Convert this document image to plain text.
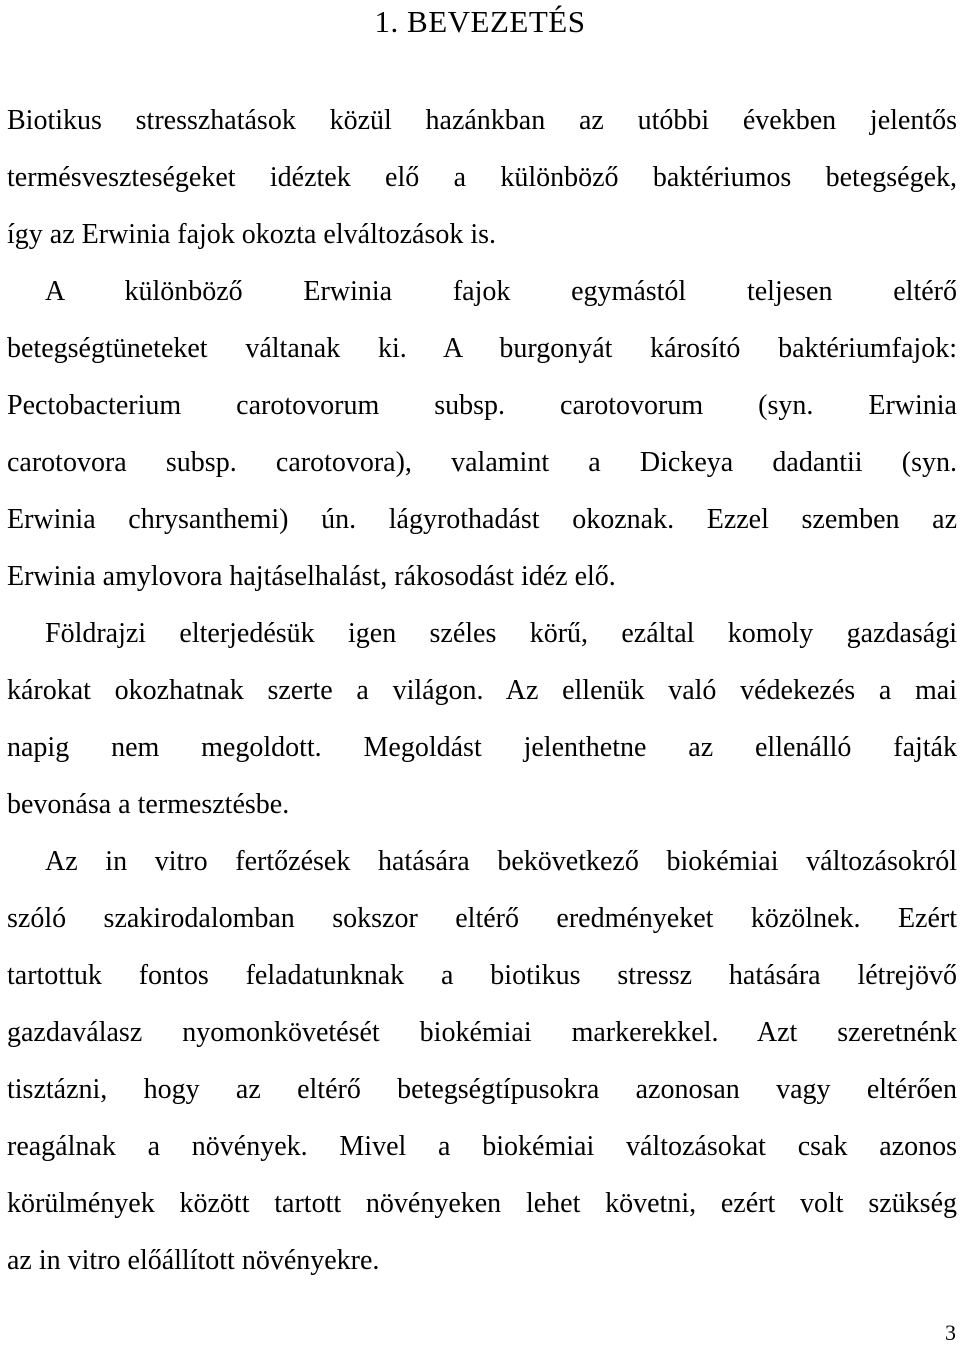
1. BEVEZETÉS
Biotikus stresszhatások közül hazánkban az utóbbi években jelentős
termésveszteségeket idéztek elő a különböző baktériumos betegségek,
így az Erwinia fajok okozta elváltozások is.
A különböző Erwinia fajok egymástól teljesen eltérő
betegségtüneteket váltanak ki. A burgonyát károsító baktériumfajok:
Pectobacterium carotovorum subsp. carotovorum (syn. Erwinia
carotovora subsp. carotovora), valamint a Dickeya dadantii (syn.
Erwinia chrysanthemi) ún. lágyrothadást okoznak. Ezzel szemben az
Erwinia amylovora hajtáselhalást, rákosodást idéz elő.
Földrajzi elterjedésük igen széles körű, ezáltal komoly gazdasági
károkat okozhatnak szerte a világon. Az ellenük való védekezés a mai
napig nem megoldott. Megoldást jelenthetne az ellenálló fajták
bevonása a termesztésbe.
Az in vitro fertőzések hatására bekövetkező biokémiai változásokról
szóló szakirodalomban sokszor eltérő eredményeket közölnek. Ezért
tartottuk fontos feladatunknak a biotikus stressz hatására létrejövő
gazdaválasz nyomonkövetését biokémiai markerekkel. Azt szeretnénk
tisztázni, hogy az eltérő betegségtípusokra azonosan vagy eltérően
reagálnak a növények. Mivel a biokémiai változásokat csak azonos
körülmények között tartott növényeken lehet követni, ezért volt szükség
az in vitro előállított növényekre.
3
